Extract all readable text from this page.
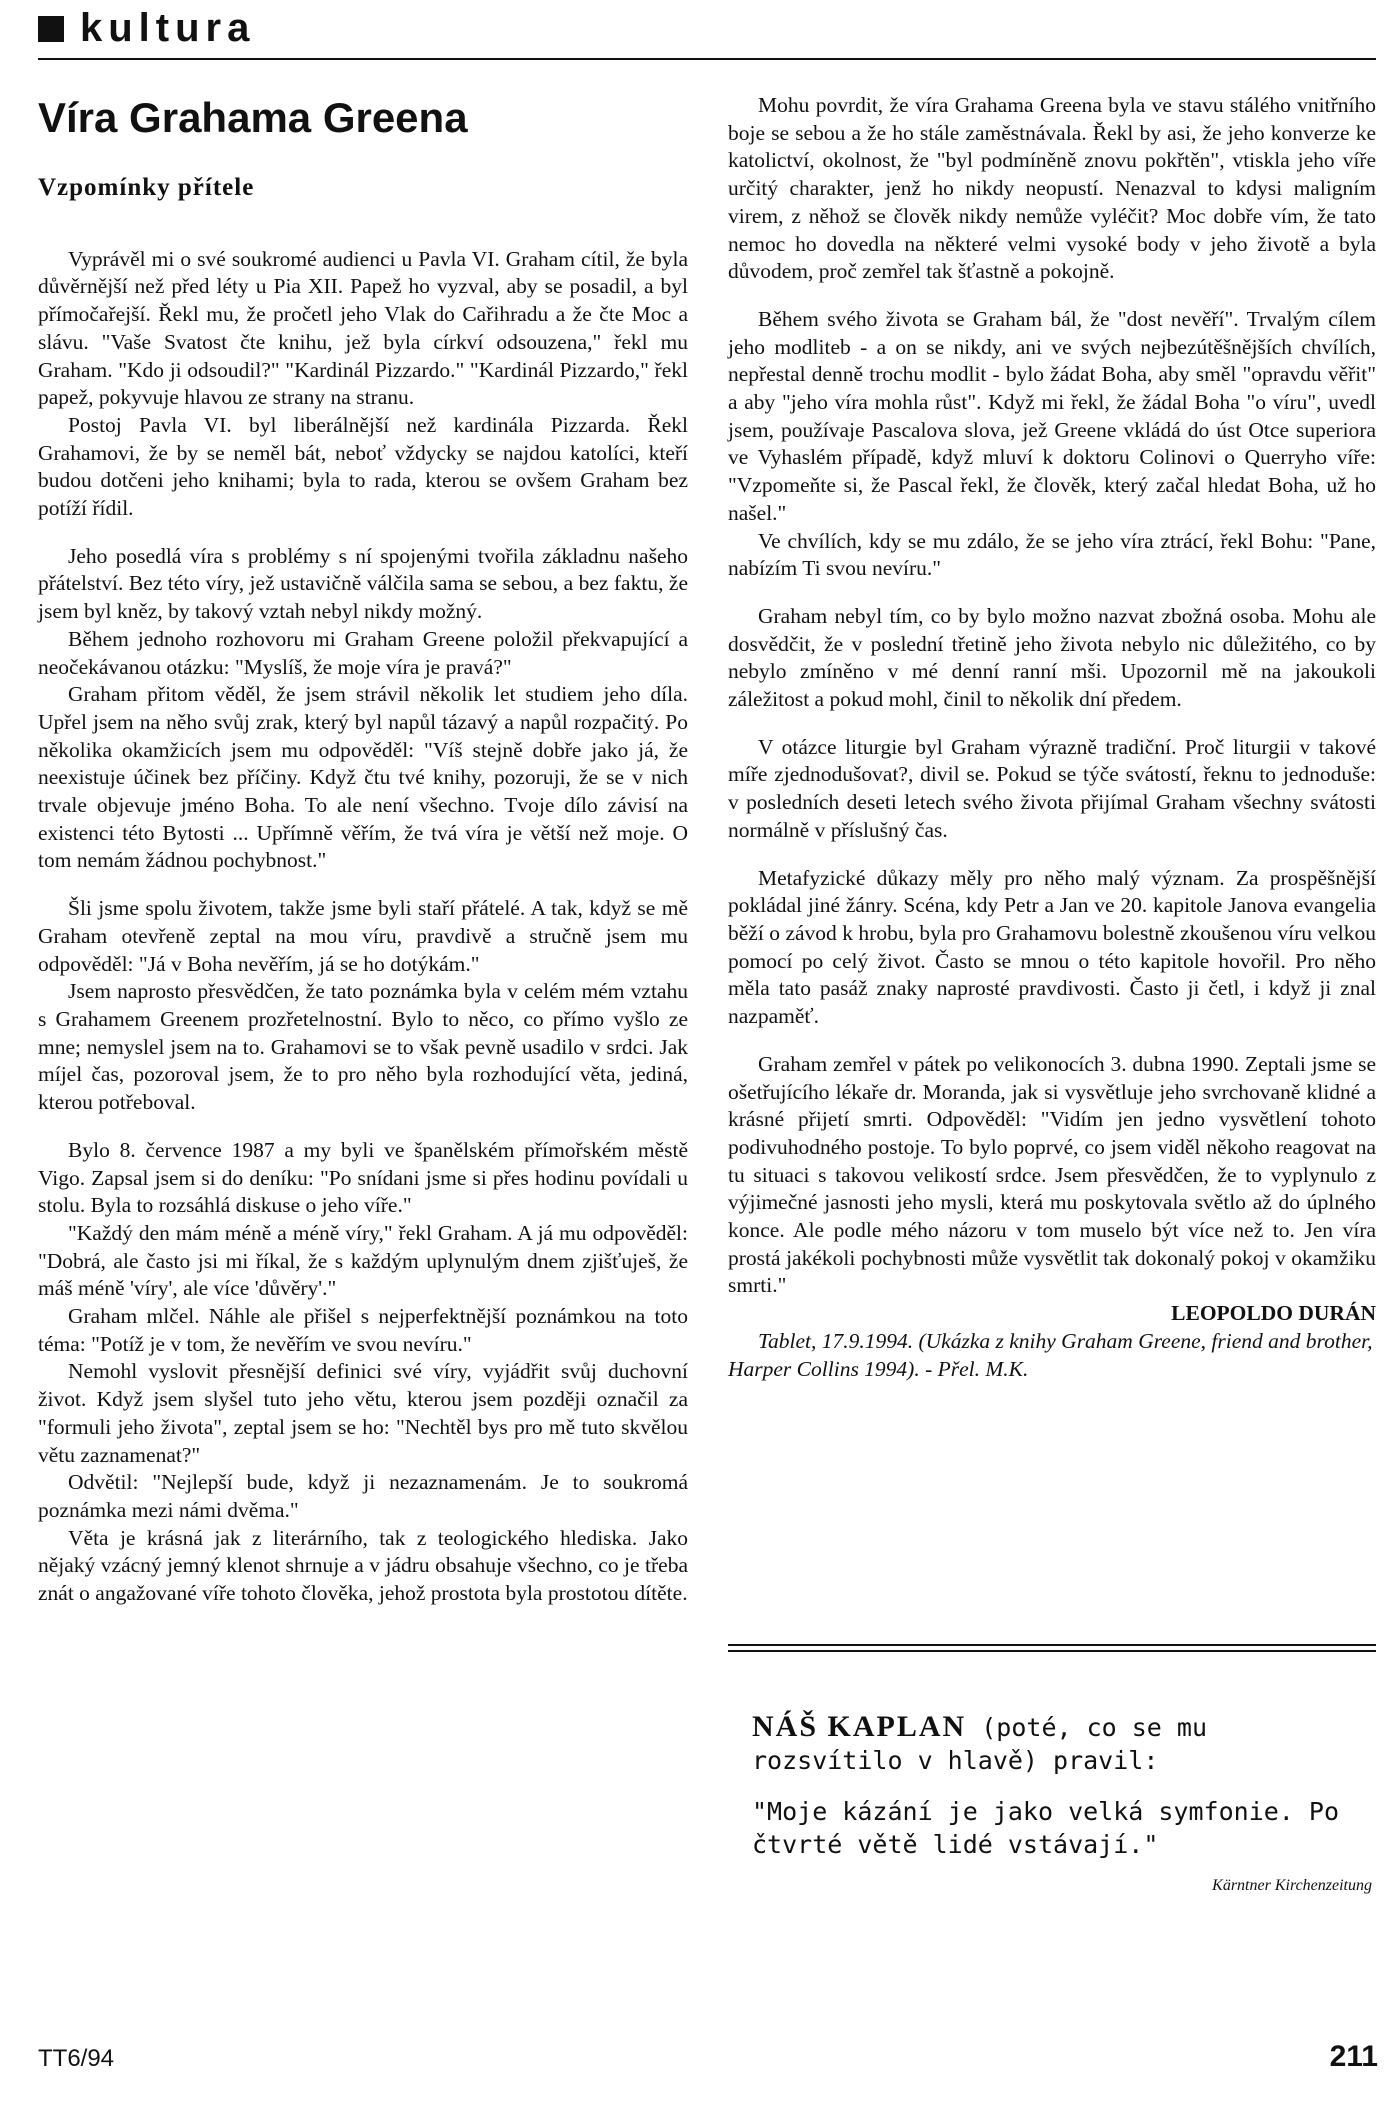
kultura
Víra Grahama Greena
Vzpomínky přítele

Vyprávěl mi o své soukromé audienci u Pavla VI. Graham cítil, že byla důvěrnější než před léty u Pia XII. Papež ho vyzval, aby se posadil, a byl přímočařejší. Řekl mu, že pročetl jeho Vlak do Cařihradu a že čte Moc a slávu. "Vaše Svatost čte knihu, jež byla církví odsouzena," řekl mu Graham. "Kdo ji odsoudil?" "Kardinál Pizzardo." "Kardinál Pizzardo," řekl papež, pokyvuje hlavou ze strany na stranu.

Postoj Pavla VI. byl liberálnější než kardinála Pizzarda. Řekl Grahamovi, že by se neměl bát, neboť vždycky se najdou katolíci, kteří budou dotčeni jeho knihami; byla to rada, kterou se ovšem Graham bez potíží řídil.

Jeho posedlá víra s problémy s ní spojenými tvořila základnu našeho přátelství. Bez této víry, jež ustavičně válčila sama se sebou, a bez faktu, že jsem byl kněz, by takový vztah nebyl nikdy možný.

Během jednoho rozhovoru mi Graham Greene položil překvapující a neočekávanou otázku: "Myslíš, že moje víra je pravá?"

Graham přitom věděl, že jsem strávil několik let studiem jeho díla. Upřel jsem na něho svůj zrak, který byl napůl tázavý a napůl rozpačitý. Po několika okamžicích jsem mu odpověděl: "Víš stejně dobře jako já, že neexistuje účinek bez příčiny. Když čtu tvé knihy, pozoruji, že se v nich trvale objevuje jméno Boha. To ale není všechno. Tvoje dílo závisí na existenci této Bytosti ... Upřímně věřím, že tvá víra je větší než moje. O tom nemám žádnou pochybnost."

Šli jsme spolu životem, takže jsme byli staří přátelé. A tak, když se mě Graham otevřeně zeptal na mou víru, pravdivě a stručně jsem mu odpověděl: "Já v Boha nevěřím, já se ho dotýkám."

Jsem naprosto přesvědčen, že tato poznámka byla v celém mém vztahu s Grahamem Greenem prozřetelnostní. Bylo to něco, co přímo vyšlo ze mne; nemyslel jsem na to. Grahamovi se to však pevně usadilo v srdci. Jak míjel čas, pozoroval jsem, že to pro něho byla rozhodující věta, jediná, kterou potřeboval.

Bylo 8. července 1987 a my byli ve španělském přímořském městě Vigo. Zapsal jsem si do deníku: "Po snídani jsme si přes hodinu povídali u stolu. Byla to rozsáhlá diskuse o jeho víře."

"Každý den mám méně a méně víry," řekl Graham. A já mu odpověděl: "Dobrá, ale často jsi mi říkal, že s každým uplynulým dnem zjišťuješ, že máš méně 'víry', ale více 'důvěry'."

Graham mlčel. Náhle ale přišel s nejperfektnější poznámkou na toto téma: "Potíž je v tom, že nevěřím ve svou nevíru."

Nemohl vyslovit přesnější definici své víry, vyjádřit svůj duchovní život. Když jsem slyšel tuto jeho větu, kterou jsem později označil za "formuli jeho života", zeptal jsem se ho: "Nechtěl bys pro mě tuto skvělou větu zaznamenat?"

Odvětil: "Nejlepší bude, když ji nezaznamenám. Je to soukromá poznámka mezi námi dvěma."

Věta je krásná jak z literárního, tak z teologického hlediska. Jako nějaký vzácný jemný klenot shrnuje a v jádru obsahuje všechno, co je třeba znát o angažované víře tohoto člověka, jehož prostota byla prostotou dítěte.

Mohu povrdit, že víra Grahama Greena byla ve stavu stálého vnitřního boje se sebou a že ho stále zaměstnávala. Řekl by asi, že jeho konverze ke katolictví, okolnost, že "byl podmíněně znovu pokřtěn", vtiskla jeho víře určitý charakter, jenž ho nikdy neopustí. Nenazval to kdysi maligním virem, z něhož se člověk nikdy nemůže vyléčit? Moc dobře vím, že tato nemoc ho dovedla na některé velmi vysoké body v jeho životě a byla důvodem, proč zemřel tak šťastně a pokojně.

Během svého života se Graham bál, že "dost nevěří". Trvalým cílem jeho modliteb - a on se nikdy, ani ve svých nejbezútěšnějších chvílích, nepřestal denně trochu modlit - bylo žádat Boha, aby směl "opravdu věřit" a aby "jeho víra mohla růst". Když mi řekl, že žádal Boha "o víru", uvedl jsem, používaje Pascalova slova, jež Greene vkládá do úst Otce superiora ve Vyhaslém případě, když mluví k doktoru Colinovi o Querryho víře: "Vzpomeňte si, že Pascal řekl, že člověk, který začal hledat Boha, už ho našel."

Ve chvílích, kdy se mu zdálo, že se jeho víra ztrácí, řekl Bohu: "Pane, nabízím Ti svou nevíru."

Graham nebyl tím, co by bylo možno nazvat zbožná osoba. Mohu ale dosvědčit, že v poslední třetině jeho života nebylo nic důležitého, co by nebylo zmíněno v mé denní ranní mši. Upozornil mě na jakoukoli záležitost a pokud mohl, činil to několik dní předem.

V otázce liturgie byl Graham výrazně tradiční. Proč liturgii v takové míře zjednodušovat?, divil se. Pokud se týče svátostí, řeknu to jednoduše: v posledních deseti letech svého života přijímal Graham všechny svátosti normálně v příslušný čas.

Metafyzické důkazy měly pro něho malý význam. Za prospěšnější pokládal jiné žánry. Scéna, kdy Petr a Jan ve 20. kapitole Janova evangelia běží o závod k hrobu, byla pro Grahamovu bolestně zkoušenou víru velkou pomocí po celý život. Často se mnou o této kapitole hovořil. Pro něho měla tato pasáž znaky naprosté pravdivosti. Často ji četl, i když ji znal nazpaměť.

Graham zemřel v pátek po velikonocích 3. dubna 1990. Zeptali jsme se ošetřujícího lékaře dr. Moranda, jak si vysvětluje jeho svrchovaně klidné a krásné přijetí smrti. Odpověděl: "Vidím jen jedno vysvětlení tohoto podivuhodného postoje. To bylo poprvé, co jsem viděl někoho reagovat na tu situaci s takovou velikostí srdce. Jsem přesvědčen, že to vyplynulo z výjimečné jasnosti jeho mysli, která mu poskytovala světlo až do úplného konce. Ale podle mého názoru v tom muselo být více než to. Jen víra prostá jakékoli pochybnosti může vysvětlit tak dokonalý pokoj v okamžiku smrti."

LEOPOLDO DURÁN

Tablet, 17.9.1994. (Ukázka z knihy Graham Greene, friend and brother, Harper Collins 1994). - Přel. M.K.

NÁŠ KAPLAN (poté, co se mu rozsvítilo v hlavě) pravil:
"Moje kázání je jako velká symfonie. Po čtvrté větě lidé vstávají."
Kärntner Kirchenzeitung
TT6/94	211
